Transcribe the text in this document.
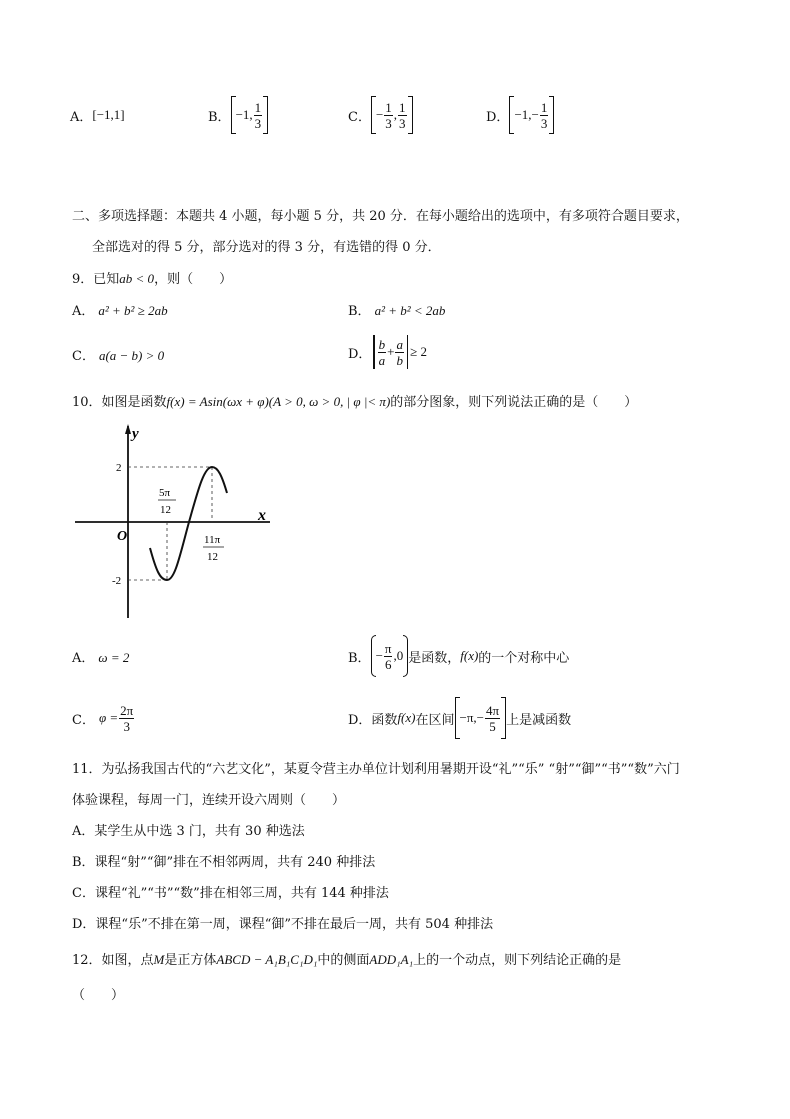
A． [−1,1]	B． −1, $\frac{1}{3}$	C． − $\frac{1}{3}$ , $\frac{1}{3}$	D． −1, − $\frac{1}{3}$
二、多项选择题：本题共 4 小题，每小题 5 分，共 20 分．在每小题给出的选项中，有多项符合题目要求，
全部选对的得 5 分，部分选对的得 3 分，有选错的得 0 分．
9．已知ab < 0，则（　　）
A． a² + b² ≥ 2ab	B． a² + b² < 2ab
C． a(a − b) > 0	D． $\frac{b}{a} + \frac{a}{b} \ge 2$
10．如图是函数f(x) = Asin(ωx + φ)(A > 0, ω > 0, | φ |< π)的部分图象，则下列说法正确的是（　　）
y
x
O
2
-2
5π
12
11π
12
A． ω = 2	B． − $\frac{\pi}{6} ,0$ 是函数， f(x) 的一个对称中心
C． $\varphi = \frac{2\pi}{3}$	D．函数 f(x) 在区间 $-\pi,- \frac{4\pi}{5}$ 上是减函数
11．为弘扬我国古代的“六艺文化”，某夏令营主办单位计划利用暑期开设“礼”“乐” “射”“御”“书”“数”六门
体验课程，每周一门，连续开设六周则（　　）
A．某学生从中选 3 门，共有 30 种选法
B．课程“射”“御”排在不相邻两周，共有 240 种排法
C．课程“礼”“书”“数”排在相邻三周，共有 144 种排法
D．课程“乐”不排在第一周，课程“御”不排在最后一周，共有 504 种排法
12．如图，点M是正方体ABCD − A₁B₁C₁D₁中的侧面ADD₁A₁上的一个动点，则下列结论正确的是
（　　）
